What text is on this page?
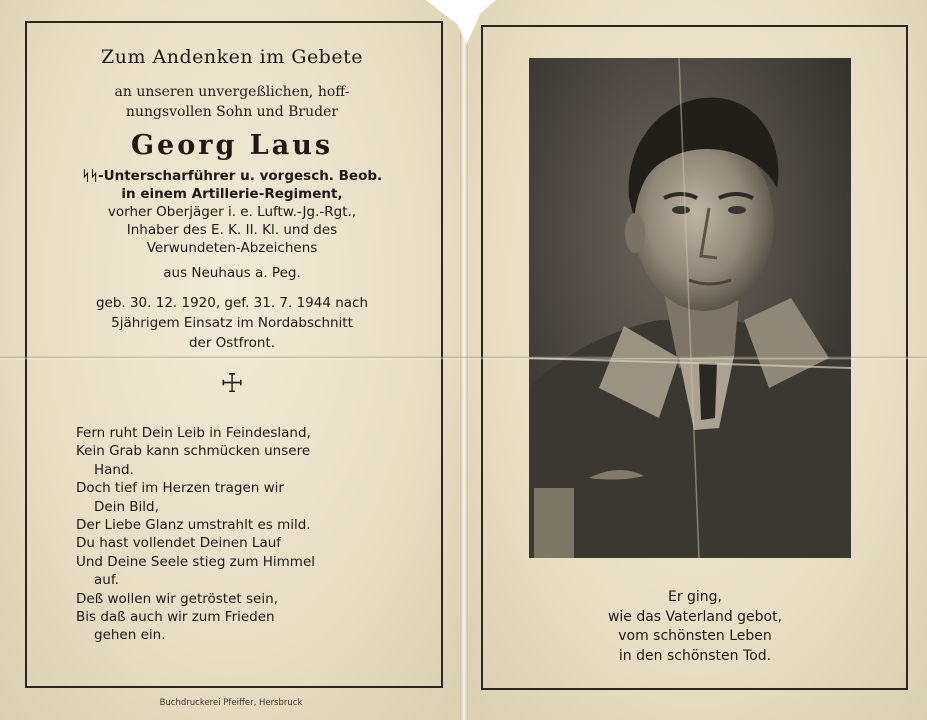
Zum Andenken im Gebete
an unseren unvergeßlichen, hoff-
nungsvollen Sohn und Bruder
Georg Laus
ᛋᛋ-Unterscharführer u. vorgesch. Beob.
in einem Artillerie-Regiment,
vorher Oberjäger i. e. Luftw.-Jg.-Rgt.,
Inhaber des E. K. II. Kl. und des
Verwundeten-Abzeichens
aus Neuhaus a. Peg.
geb. 30. 12. 1920, gef. 31. 7. 1944 nach
5jährigem Einsatz im Nordabschnitt
der Ostfront.
☩
Fern ruht Dein Leib in Feindesland,
Kein Grab kann schmücken unsere
Hand.
Doch tief im Herzen tragen wir
Dein Bild,
Der Liebe Glanz umstrahlt es mild.
Du hast vollendet Deinen Lauf
Und Deine Seele stieg zum Himmel
auf.
Deß wollen wir getröstet sein,
Bis daß auch wir zum Frieden
gehen ein.
Buchdruckerei Pfeiffer, Hersbruck
Er ging,
wie das Vaterland gebot,
vom schönsten Leben
in den schönsten Tod.
